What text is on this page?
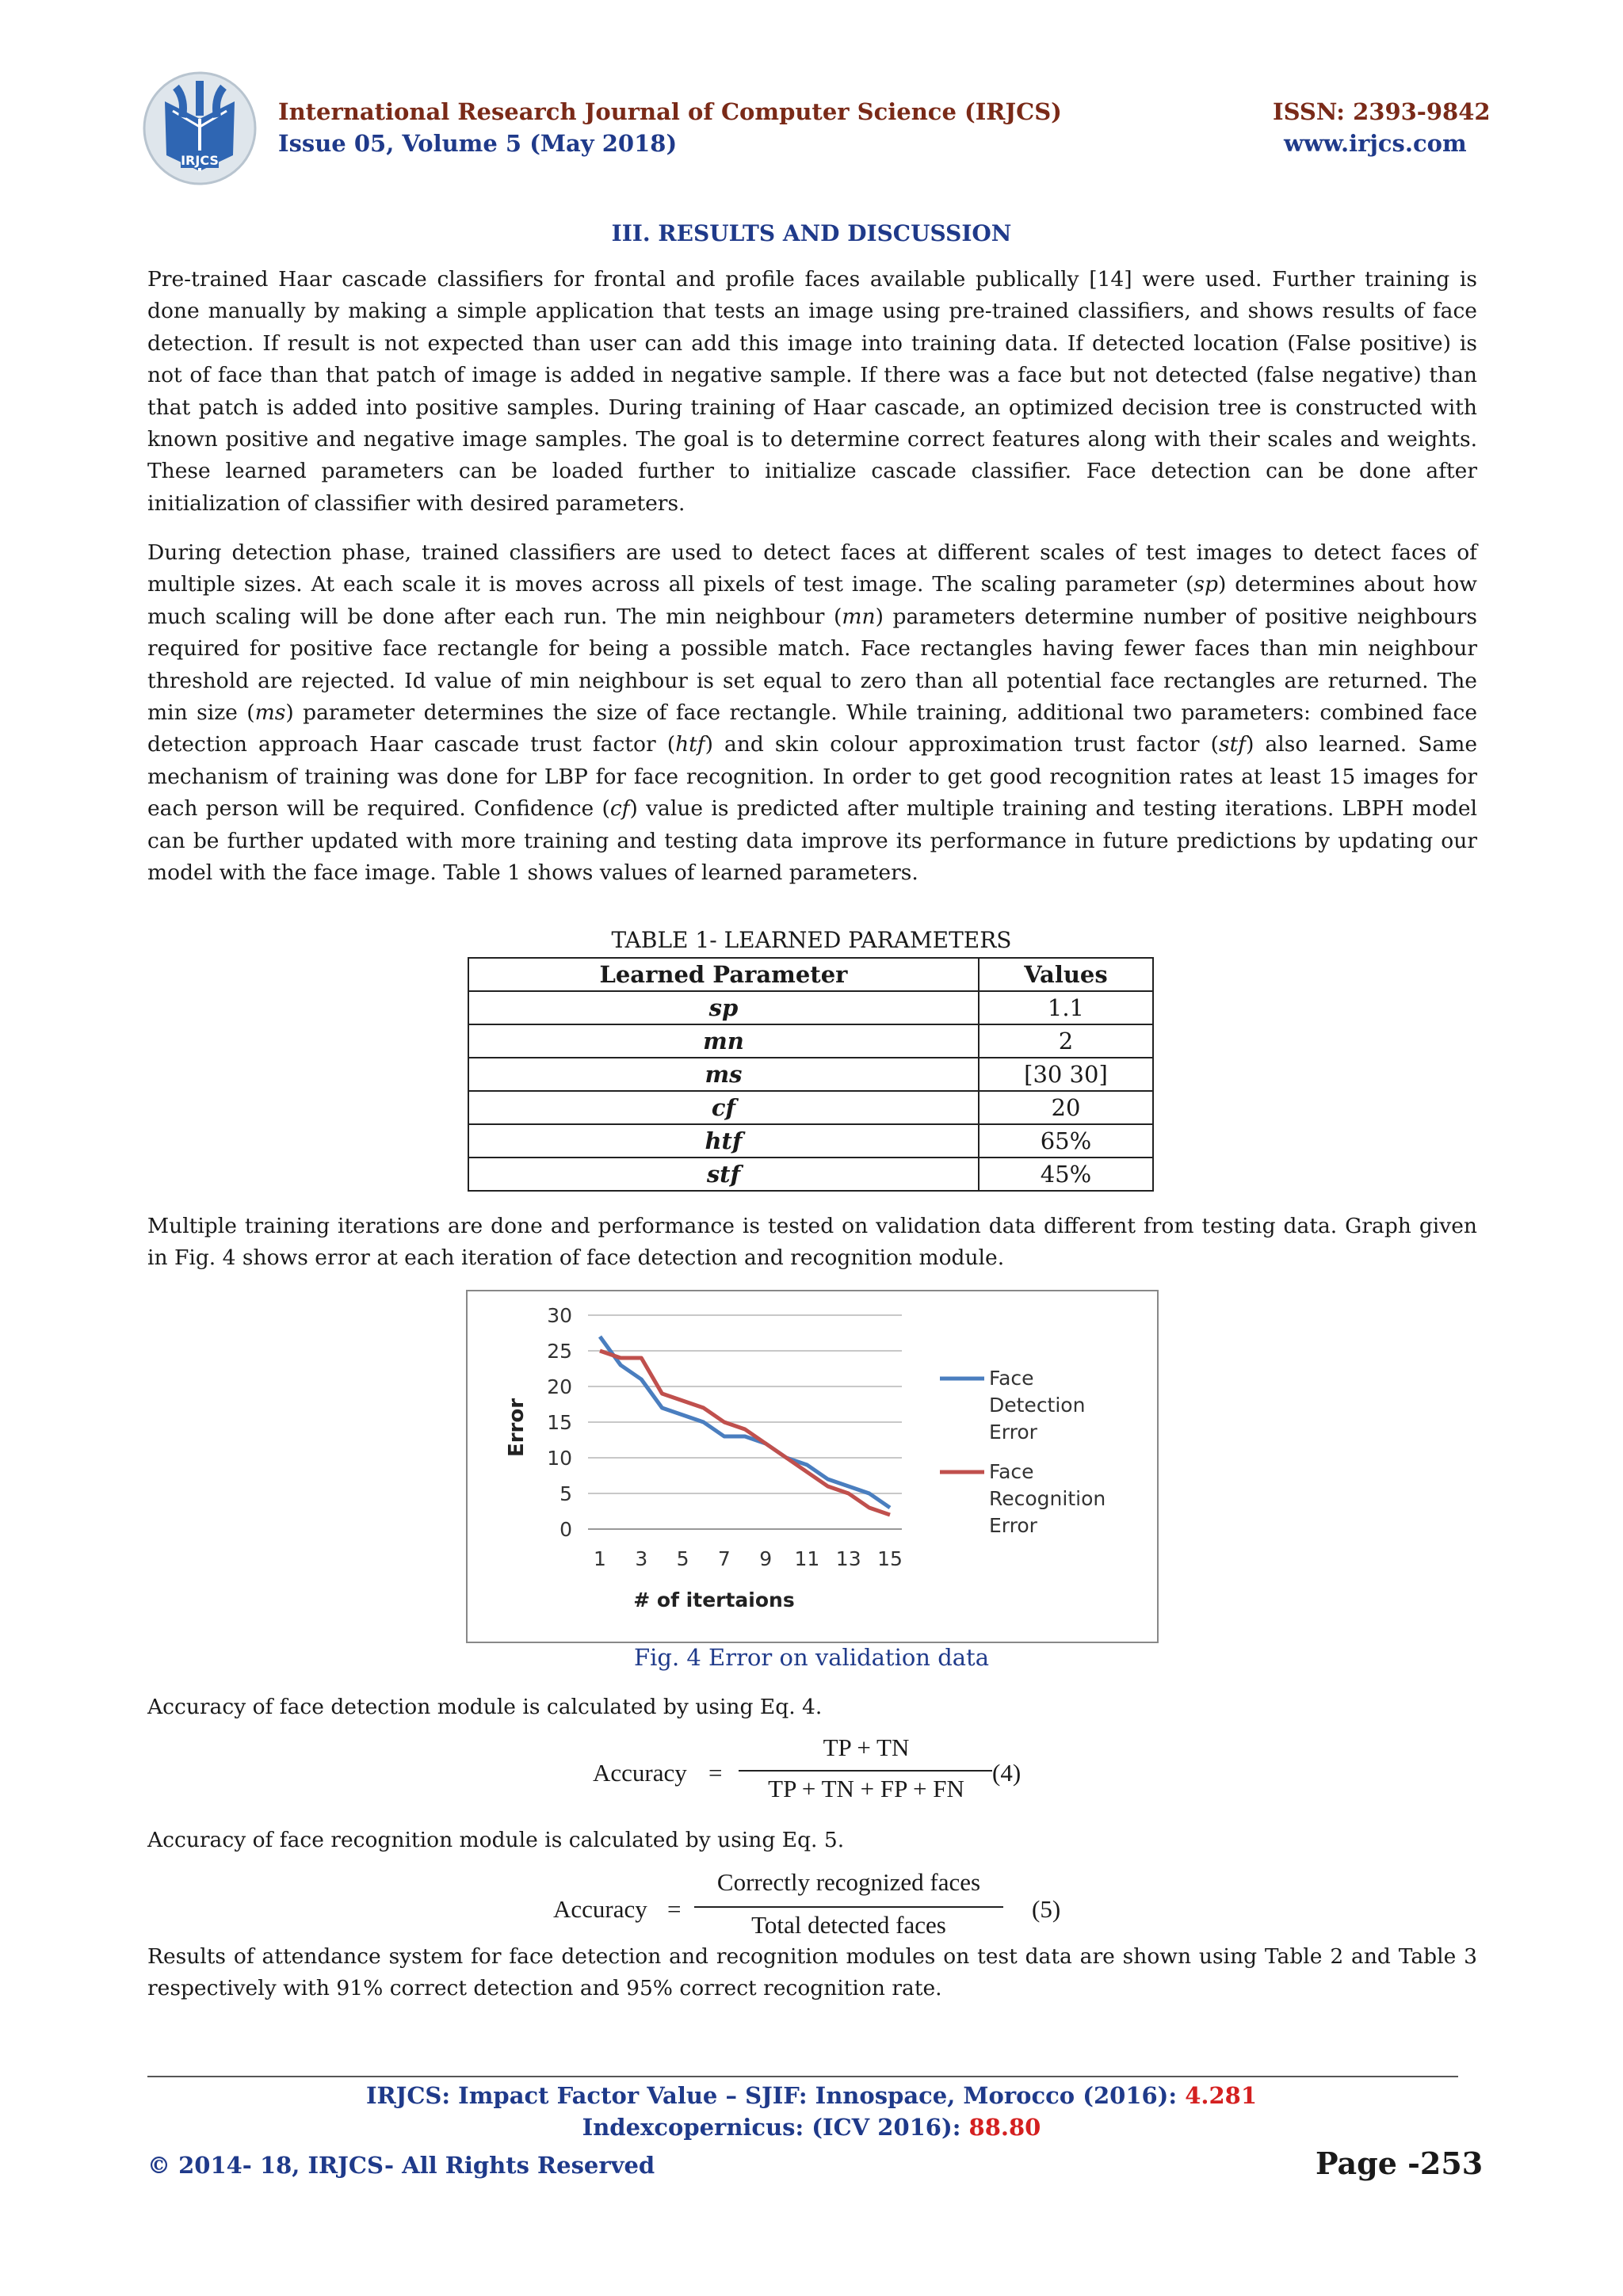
IRJCS
International Research Journal of Computer Science (IRJCS)
Issue 05, Volume 5 (May 2018)
ISSN: 2393-9842
www.irjcs.com
III. RESULTS AND DISCUSSION

Pre-trained Haar cascade classifiers for frontal and profile faces available publically [14] were used. Further training is done manually by making a simple application that tests an image using pre-trained classifiers, and shows results of face detection. If result is not expected than user can add this image into training data. If detected location (False positive) is not of face than that patch of image is added in negative sample. If there was a face but not detected (false negative) than that patch is added into positive samples. During training of Haar cascade, an optimized decision tree is constructed with known positive and negative image samples. The goal is to determine correct features along with their scales and weights. These learned parameters can be loaded further to initialize cascade classifier. Face detection can be done after initialization of classifier with desired parameters.

During detection phase, trained classifiers are used to detect faces at different scales of test images to detect faces of multiple sizes. At each scale it is moves across all pixels of test image. The scaling parameter (sp) determines about how much scaling will be done after each run. The min neighbour (mn) parameters determine number of positive neighbours required for positive face rectangle for being a possible match. Face rectangles having fewer faces than min neighbour threshold are rejected. Id value of min neighbour is set equal to zero than all potential face rectangles are returned. The min size (ms) parameter determines the size of face rectangle. While training, additional two parameters: combined face detection approach Haar cascade trust factor (htf) and skin colour approximation trust factor (stf) also learned. Same mechanism of training was done for LBP for face recognition. In order to get good recognition rates at least 15 images for each person will be required. Confidence (cf) value is predicted after multiple training and testing iterations. LBPH model can be further updated with more training and testing data improve its performance in future predictions by updating our model with the face image. Table 1 shows values of learned parameters.

TABLE 1- LEARNED PARAMETERS
Learned Parameter	Values
sp	1.1
mn	2
ms	[30 30]
cf	20
htf	65%
stf	45%

Multiple training iterations are done and performance is tested on validation data different from testing data. Graph given in Fig. 4 shows error at each iteration of face detection and recognition module.

0
5
10
15
20
25
30
1 3 5 7 9 11 13 15
Face
Detection
Error
Face
Recognition
Error
Error
# of itertaions
Fig. 4 Error on validation data

Accuracy of face detection module is calculated by using Eq. 4.

Accuracy =
TP + TN
TP + TN + FP + FN
(4)

Accuracy of face recognition module is calculated by using Eq. 5.

Accuracy =
Correctly recognized faces
Total detected faces
(5)

Results of attendance system for face detection and recognition modules on test data are shown using Table 2 and Table 3 respectively with 91% correct detection and 95% correct recognition rate.

IRJCS: Impact Factor Value – SJIF: Innospace, Morocco (2016): 4.281
Indexcopernicus: (ICV 2016): 88.80
© 2014- 18, IRJCS- All Rights Reserved	Page -253
